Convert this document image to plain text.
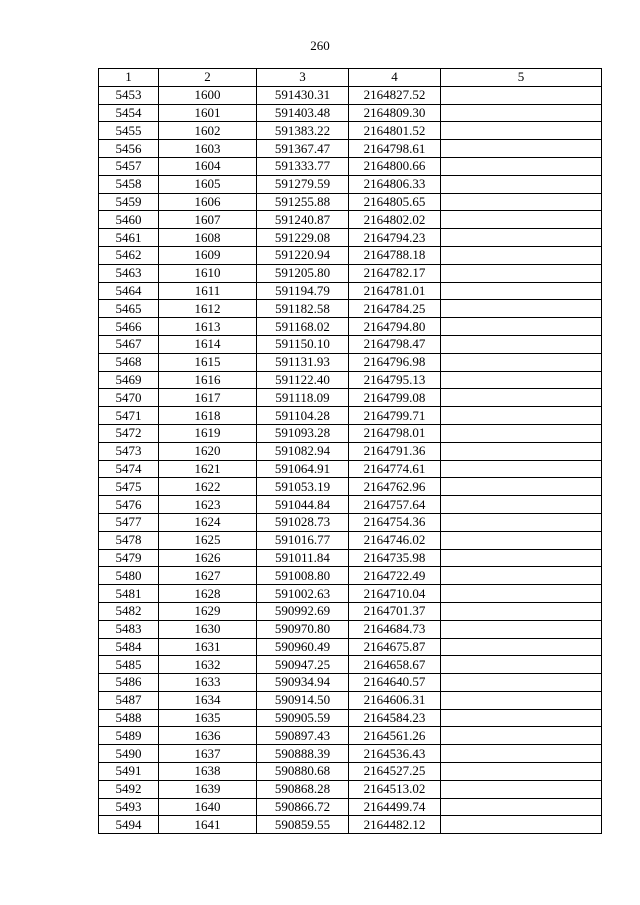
260
1	2	3	4	5
5453	1600	591430.31	2164827.52	
5454	1601	591403.48	2164809.30	
5455	1602	591383.22	2164801.52	
5456	1603	591367.47	2164798.61	
5457	1604	591333.77	2164800.66	
5458	1605	591279.59	2164806.33	
5459	1606	591255.88	2164805.65	
5460	1607	591240.87	2164802.02	
5461	1608	591229.08	2164794.23	
5462	1609	591220.94	2164788.18	
5463	1610	591205.80	2164782.17	
5464	1611	591194.79	2164781.01	
5465	1612	591182.58	2164784.25	
5466	1613	591168.02	2164794.80	
5467	1614	591150.10	2164798.47	
5468	1615	591131.93	2164796.98	
5469	1616	591122.40	2164795.13	
5470	1617	591118.09	2164799.08	
5471	1618	591104.28	2164799.71	
5472	1619	591093.28	2164798.01	
5473	1620	591082.94	2164791.36	
5474	1621	591064.91	2164774.61	
5475	1622	591053.19	2164762.96	
5476	1623	591044.84	2164757.64	
5477	1624	591028.73	2164754.36	
5478	1625	591016.77	2164746.02	
5479	1626	591011.84	2164735.98	
5480	1627	591008.80	2164722.49	
5481	1628	591002.63	2164710.04	
5482	1629	590992.69	2164701.37	
5483	1630	590970.80	2164684.73	
5484	1631	590960.49	2164675.87	
5485	1632	590947.25	2164658.67	
5486	1633	590934.94	2164640.57	
5487	1634	590914.50	2164606.31	
5488	1635	590905.59	2164584.23	
5489	1636	590897.43	2164561.26	
5490	1637	590888.39	2164536.43	
5491	1638	590880.68	2164527.25	
5492	1639	590868.28	2164513.02	
5493	1640	590866.72	2164499.74	
5494	1641	590859.55	2164482.12	
